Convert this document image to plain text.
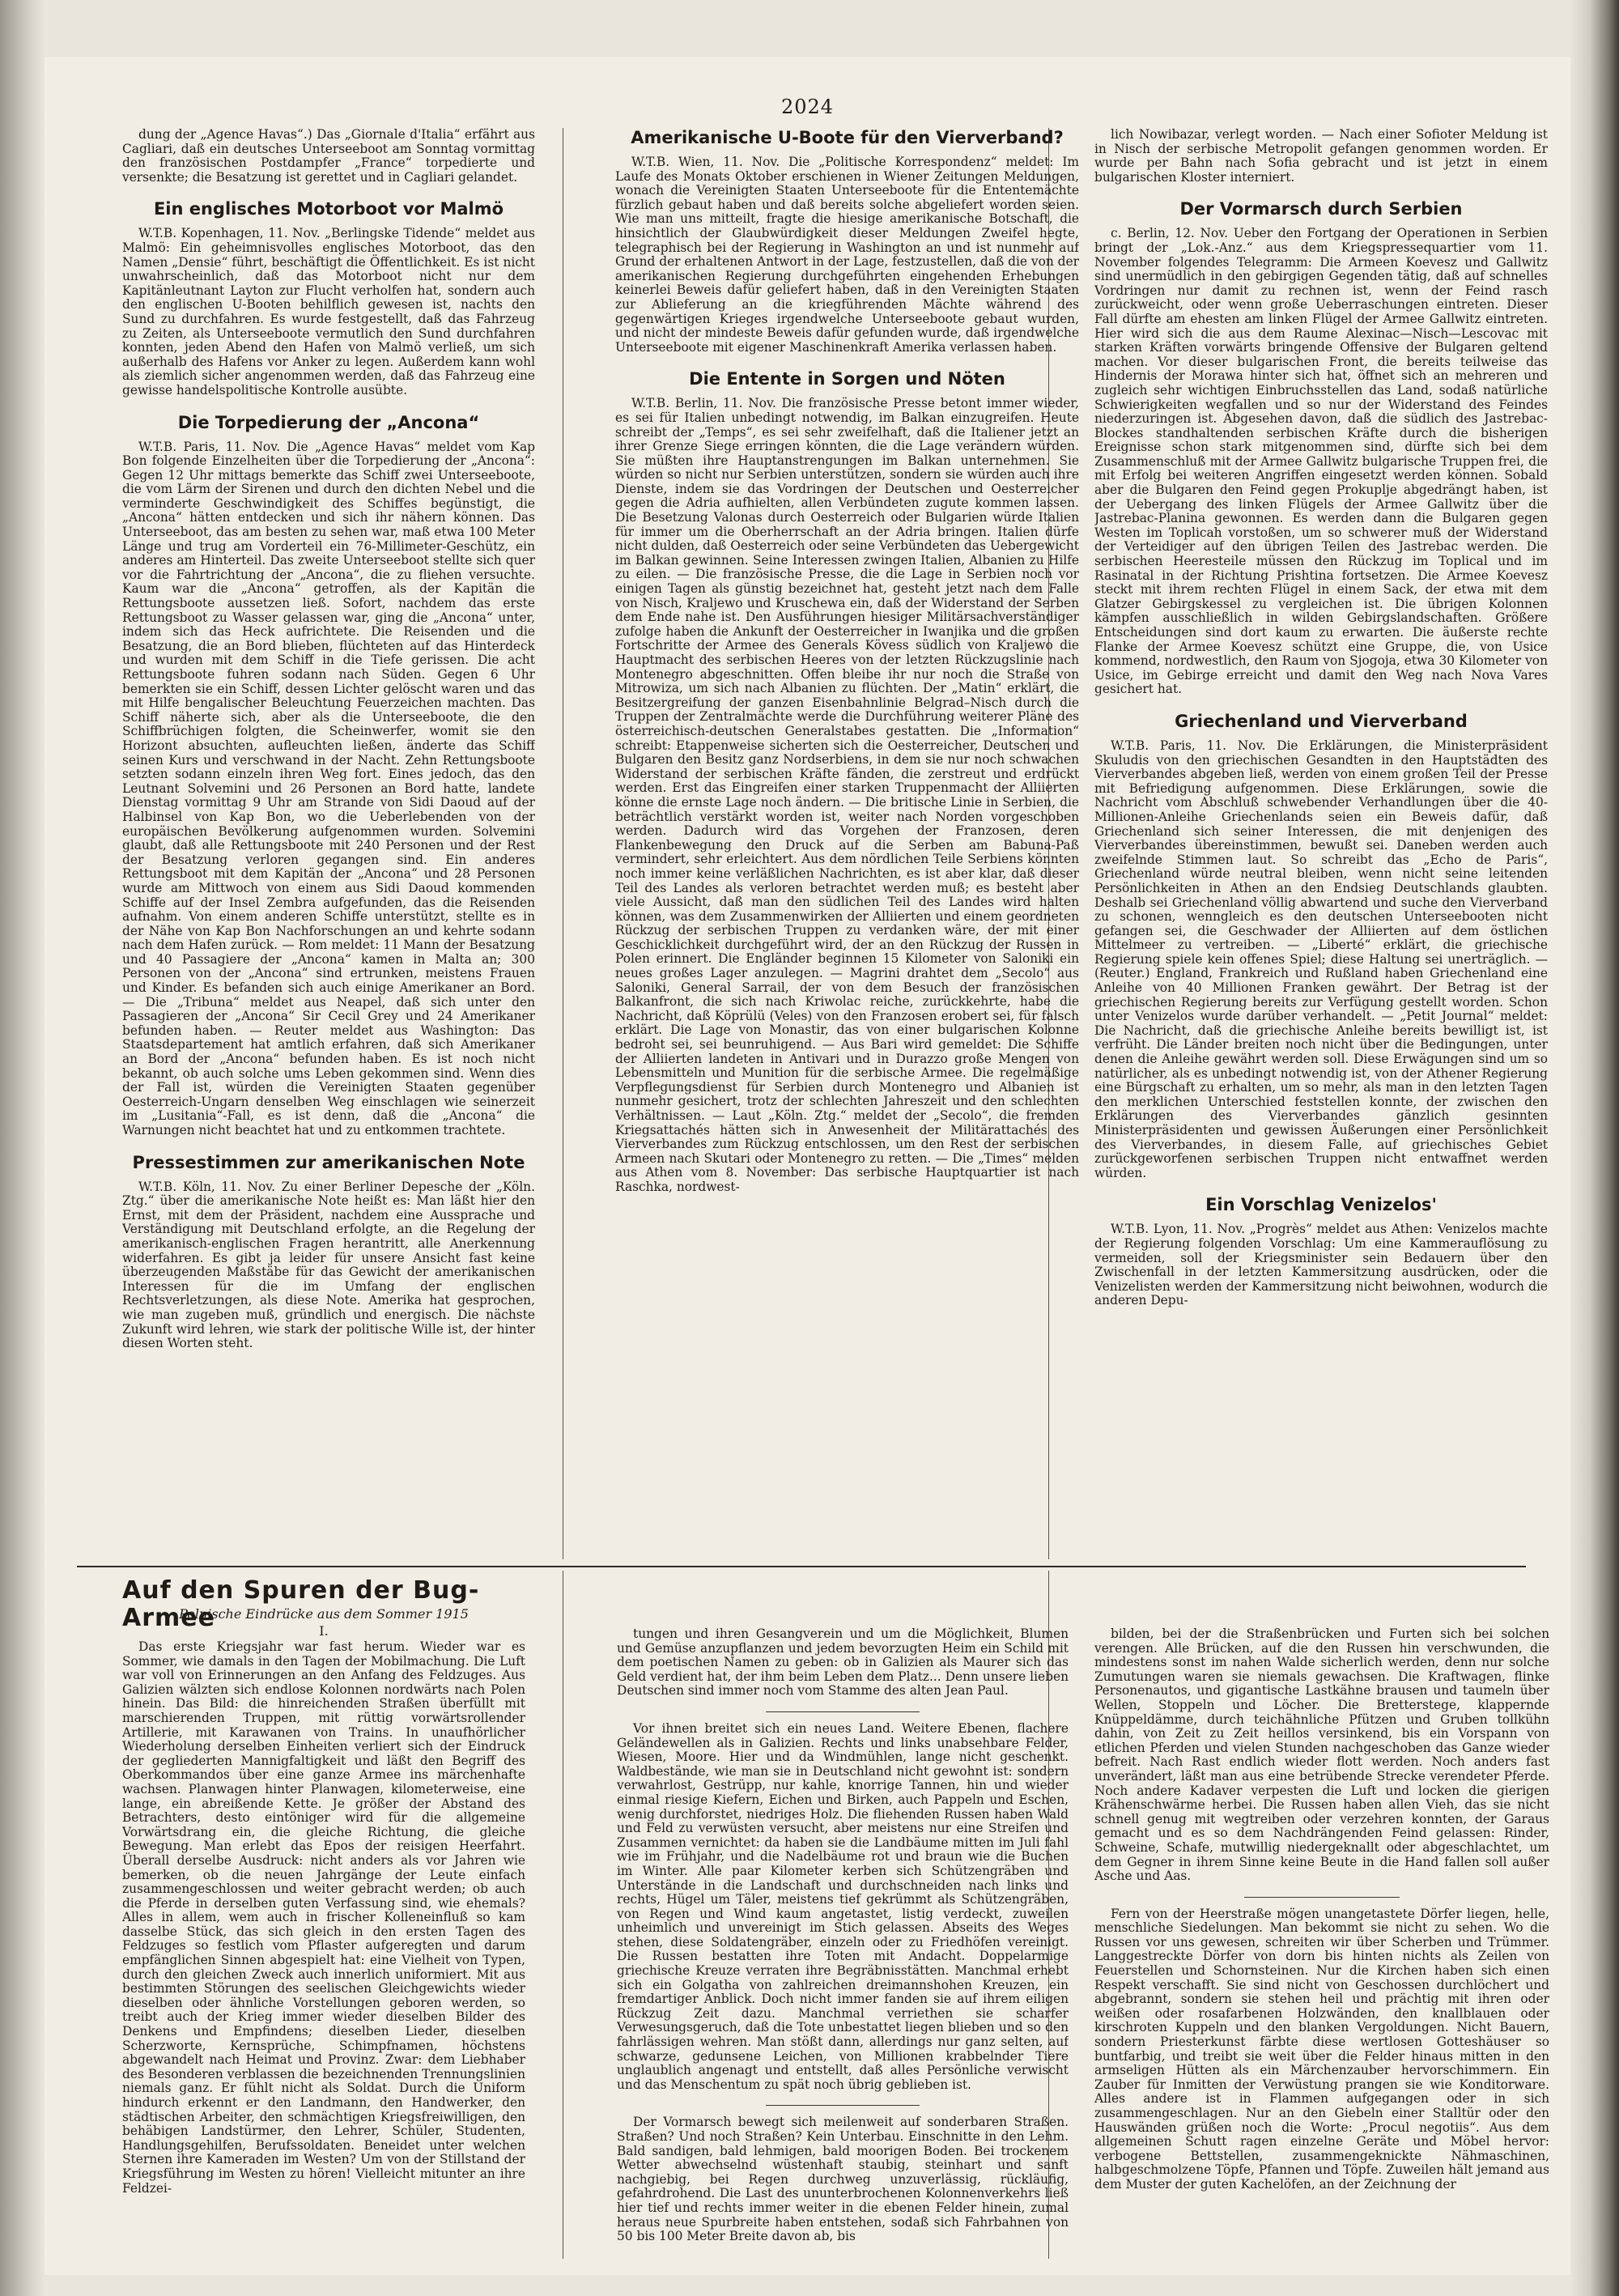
2024

dung der „Agence Havas“.) Das „Giornale d'Italia“ erfährt aus Cagliari, daß ein deutsches Unterseeboot am Sonntag vormittag den französischen Postdampfer „France“ torpedierte und versenkte; die Besatzung ist gerettet und in Cagliari gelandet.

Ein englisches Motorboot vor Malmö

W.T.B. Kopenhagen, 11. Nov. „Berlingske Tidende“ meldet aus Malmö: Ein geheimnisvolles englisches Motorboot, das den Namen „Densie“ führt, beschäftigt die Öffentlichkeit. Es ist nicht unwahrscheinlich, daß das Motorboot nicht nur dem Kapitänleutnant Layton zur Flucht verholfen hat, sondern auch den englischen U-Booten behilflich gewesen ist, nachts den Sund zu durchfahren. Es wurde festgestellt, daß das Fahrzeug zu Zeiten, als Unterseeboote vermutlich den Sund durchfahren konnten, jeden Abend den Hafen von Malmö verließ, um sich außerhalb des Hafens vor Anker zu legen. Außerdem kann wohl als ziemlich sicher angenommen werden, daß das Fahrzeug eine gewisse handelspolitische Kontrolle ausübte.

Die Torpedierung der „Ancona“

W.T.B. Paris, 11. Nov. Die „Agence Havas“ meldet vom Kap Bon folgende Einzelheiten über die Torpedierung der „Ancona“: Gegen 12 Uhr mittags bemerkte das Schiff zwei Unterseeboote, die vom Lärm der Sirenen und durch den dichten Nebel und die verminderte Geschwindigkeit des Schiffes begünstigt, die „Ancona“ hätten entdecken und sich ihr nähern können. Das Unterseeboot, das am besten zu sehen war, maß etwa 100 Meter Länge und trug am Vorderteil ein 76-Millimeter-Geschütz, ein anderes am Hinterteil. Das zweite Unterseeboot stellte sich quer vor die Fahrtrichtung der „Ancona“, die zu fliehen versuchte. Kaum war die „Ancona“ getroffen, als der Kapitän die Rettungsboote aussetzen ließ. Sofort, nachdem das erste Rettungsboot zu Wasser gelassen war, ging die „Ancona“ unter, indem sich das Heck aufrichtete. Die Reisenden und die Besatzung, die an Bord blieben, flüchteten auf das Hinterdeck und wurden mit dem Schiff in die Tiefe gerissen. Die acht Rettungsboote fuhren sodann nach Süden. Gegen 6 Uhr bemerkten sie ein Schiff, dessen Lichter gelöscht waren und das mit Hilfe bengalischer Beleuchtung Feuerzeichen machten. Das Schiff näherte sich, aber als die Unterseeboote, die den Schiffbrüchigen folgten, die Scheinwerfer, womit sie den Horizont absuchten, aufleuchten ließen, änderte das Schiff seinen Kurs und verschwand in der Nacht. Zehn Rettungsboote setzten sodann einzeln ihren Weg fort. Eines jedoch, das den Leutnant Solvemini und 26 Personen an Bord hatte, landete Dienstag vormittag 9 Uhr am Strande von Sidi Daoud auf der Halbinsel von Kap Bon, wo die Ueberlebenden von der europäischen Bevölkerung aufgenommen wurden. Solvemini glaubt, daß alle Rettungsboote mit 240 Personen und der Rest der Besatzung verloren gegangen sind. Ein anderes Rettungsboot mit dem Kapitän der „Ancona“ und 28 Personen wurde am Mittwoch von einem aus Sidi Daoud kommenden Schiffe auf der Insel Zembra aufgefunden, das die Reisenden aufnahm. Von einem anderen Schiffe unterstützt, stellte es in der Nähe von Kap Bon Nachforschungen an und kehrte sodann nach dem Hafen zurück. — Rom meldet: 11 Mann der Besatzung und 40 Passagiere der „Ancona“ kamen in Malta an; 300 Personen von der „Ancona“ sind ertrunken, meistens Frauen und Kinder. Es befanden sich auch einige Amerikaner an Bord. — Die „Tribuna“ meldet aus Neapel, daß sich unter den Passagieren der „Ancona“ Sir Cecil Grey und 24 Amerikaner befunden haben. — Reuter meldet aus Washington: Das Staatsdepartement hat amtlich erfahren, daß sich Amerikaner an Bord der „Ancona“ befunden haben. Es ist noch nicht bekannt, ob auch solche ums Leben gekommen sind. Wenn dies der Fall ist, würden die Vereinigten Staaten gegenüber Oesterreich-Ungarn denselben Weg einschlagen wie seinerzeit im „Lusitania“-Fall, es ist denn, daß die „Ancona“ die Warnungen nicht beachtet hat und zu entkommen trachtete.

Pressestimmen zur amerikanischen Note

W.T.B. Köln, 11. Nov. Zu einer Berliner Depesche der „Köln. Ztg.“ über die amerikanische Note heißt es: Man läßt hier den Ernst, mit dem der Präsident, nachdem eine Aussprache und Verständigung mit Deutschland erfolgte, an die Regelung der amerikanisch-englischen Fragen herantritt, alle Anerkennung widerfahren. Es gibt ja leider für unsere Ansicht fast keine überzeugenden Maßstäbe für das Gewicht der amerikanischen Interessen für die im Umfang der englischen Rechtsverletzungen, als diese Note. Amerika hat gesprochen, wie man zugeben muß, gründlich und energisch. Die nächste Zukunft wird lehren, wie stark der politische Wille ist, der hinter diesen Worten steht.

Amerikanische U-Boote für den Vierverband?

W.T.B. Wien, 11. Nov. Die „Politische Korrespondenz“ meldet: Im Laufe des Monats Oktober erschienen in Wiener Zeitungen Meldungen, wonach die Vereinigten Staaten Unterseeboote für die Ententemächte fürzlich gebaut haben und daß bereits solche abgeliefert worden seien. Wie man uns mitteilt, fragte die hiesige amerikanische Botschaft, die hinsichtlich der Glaubwürdigkeit dieser Meldungen Zweifel hegte, telegraphisch bei der Regierung in Washington an und ist nunmehr auf Grund der erhaltenen Antwort in der Lage, festzustellen, daß die von der amerikanischen Regierung durchgeführten eingehenden Erhebungen keinerlei Beweis dafür geliefert haben, daß in den Vereinigten Staaten zur Ablieferung an die kriegführenden Mächte während des gegenwärtigen Krieges irgendwelche Unterseeboote gebaut wurden, und nicht der mindeste Beweis dafür gefunden wurde, daß irgendwelche Unterseeboote mit eigener Maschinenkraft Amerika verlassen haben.

Die Entente in Sorgen und Nöten

W.T.B. Berlin, 11. Nov. Die französische Presse betont immer wieder, es sei für Italien unbedingt notwendig, im Balkan einzugreifen. Heute schreibt der „Temps“, es sei sehr zweifelhaft, daß die Italiener jetzt an ihrer Grenze Siege erringen könnten, die die Lage verändern würden. Sie müßten ihre Hauptanstrengungen im Balkan unternehmen. Sie würden so nicht nur Serbien unterstützen, sondern sie würden auch ihre Dienste, indem sie das Vordringen der Deutschen und Oesterreicher gegen die Adria aufhielten, allen Verbündeten zugute kommen lassen. Die Besetzung Valonas durch Oesterreich oder Bulgarien würde Italien für immer um die Oberherrschaft an der Adria bringen. Italien dürfe nicht dulden, daß Oesterreich oder seine Verbündeten das Uebergewicht im Balkan gewinnen. Seine Interessen zwingen Italien, Albanien zu Hilfe zu eilen. — Die französische Presse, die die Lage in Serbien noch vor einigen Tagen als günstig bezeichnet hat, gesteht jetzt nach dem Falle von Nisch, Kraljewo und Kruschewa ein, daß der Widerstand der Serben dem Ende nahe ist. Den Ausführungen hiesiger Militärsachverständiger zufolge haben die Ankunft der Oesterreicher in Iwanjika und die großen Fortschritte der Armee des Generals Kövess südlich von Kraljewo die Hauptmacht des serbischen Heeres von der letzten Rückzugslinie nach Montenegro abgeschnitten. Offen bleibe ihr nur noch die Straße von Mitrowiza, um sich nach Albanien zu flüchten. Der „Matin“ erklärt, die Besitzergreifung der ganzen Eisenbahnlinie Belgrad–Nisch durch die Truppen der Zentralmächte werde die Durchführung weiterer Pläne des österreichisch-deutschen Generalstabes gestatten. Die „Information“ schreibt: Etappenweise sicherten sich die Oesterreicher, Deutschen und Bulgaren den Besitz ganz Nordserbiens, in dem sie nur noch schwachen Widerstand der serbischen Kräfte fänden, die zerstreut und erdrückt werden. Erst das Eingreifen einer starken Truppenmacht der Alliierten könne die ernste Lage noch ändern. — Die britische Linie in Serbien, die beträchtlich verstärkt worden ist, weiter nach Norden vorgeschoben werden. Dadurch wird das Vorgehen der Franzosen, deren Flankenbewegung den Druck auf die Serben am Babuna-Paß vermindert, sehr erleichtert. Aus dem nördlichen Teile Serbiens könnten noch immer keine verläßlichen Nachrichten, es ist aber klar, daß dieser Teil des Landes als verloren betrachtet werden muß; es besteht aber viele Aussicht, daß man den südlichen Teil des Landes wird halten können, was dem Zusammenwirken der Alliierten und einem geordneten Rückzug der serbischen Truppen zu verdanken wäre, der mit einer Geschicklichkeit durchgeführt wird, der an den Rückzug der Russen in Polen erinnert. Die Engländer beginnen 15 Kilometer von Saloniki ein neues großes Lager anzulegen. — Magrini drahtet dem „Secolo“ aus Saloniki, General Sarrail, der von dem Besuch der französischen Balkanfront, die sich nach Kriwolac reiche, zurückkehrte, habe die Nachricht, daß Köprülü (Veles) von den Franzosen erobert sei, für falsch erklärt. Die Lage von Monastir, das von einer bulgarischen Kolonne bedroht sei, sei beunruhigend. — Aus Bari wird gemeldet: Die Schiffe der Alliierten landeten in Antivari und in Durazzo große Mengen von Lebensmitteln und Munition für die serbische Armee. Die regelmäßige Verpflegungsdienst für Serbien durch Montenegro und Albanien ist nunmehr gesichert, trotz der schlechten Jahreszeit und den schlechten Verhältnissen. — Laut „Köln. Ztg.“ meldet der „Secolo“, die fremden Kriegsattachés hätten sich in Anwesenheit der Militärattachés des Vierverbandes zum Rückzug entschlossen, um den Rest der serbischen Armeen nach Skutari oder Montenegro zu retten. — Die „Times“ melden aus Athen vom 8. November: Das serbische Hauptquartier ist nach Raschka, nordwest-

lich Nowibazar, verlegt worden. — Nach einer Sofioter Meldung ist in Nisch der serbische Metropolit gefangen genommen worden. Er wurde per Bahn nach Sofia gebracht und ist jetzt in einem bulgarischen Kloster interniert.

Der Vormarsch durch Serbien

c. Berlin, 12. Nov. Ueber den Fortgang der Operationen in Serbien bringt der „Lok.-Anz.“ aus dem Kriegspressequartier vom 11. November folgendes Telegramm: Die Armeen Koevesz und Gallwitz sind unermüdlich in den gebirgigen Gegenden tätig, daß auf schnelles Vordringen nur damit zu rechnen ist, wenn der Feind rasch zurückweicht, oder wenn große Ueberraschungen eintreten. Dieser Fall dürfte am ehesten am linken Flügel der Armee Gallwitz eintreten. Hier wird sich die aus dem Raume Alexinac—Nisch—Lescovac mit starken Kräften vorwärts bringende Offensive der Bulgaren geltend machen. Vor dieser bulgarischen Front, die bereits teilweise das Hindernis der Morawa hinter sich hat, öffnet sich an mehreren und zugleich sehr wichtigen Einbruchsstellen das Land, sodaß natürliche Schwierigkeiten wegfallen und so nur der Widerstand des Feindes niederzuringen ist. Abgesehen davon, daß die südlich des Jastrebac-Blockes standhaltenden serbischen Kräfte durch die bisherigen Ereignisse schon stark mitgenommen sind, dürfte sich bei dem Zusammenschluß mit der Armee Gallwitz bulgarische Truppen frei, die mit Erfolg bei weiteren Angriffen eingesetzt werden können. Sobald aber die Bulgaren den Feind gegen Prokuplje abgedrängt haben, ist der Uebergang des linken Flügels der Armee Gallwitz über die Jastrebac-Planina gewonnen. Es werden dann die Bulgaren gegen Westen im Toplicah vorstoßen, um so schwerer muß der Widerstand der Verteidiger auf den übrigen Teilen des Jastrebac werden. Die serbischen Heeresteile müssen den Rückzug im Toplical und im Rasinatal in der Richtung Prishtina fortsetzen. Die Armee Koevesz steckt mit ihrem rechten Flügel in einem Sack, der etwa mit dem Glatzer Gebirgskessel zu vergleichen ist. Die übrigen Kolonnen kämpfen ausschließlich in wilden Gebirgslandschaften. Größere Entscheidungen sind dort kaum zu erwarten. Die äußerste rechte Flanke der Armee Koevesz schützt eine Gruppe, die, von Usice kommend, nordwestlich, den Raum von Sjogoja, etwa 30 Kilometer von Usice, im Gebirge erreicht und damit den Weg nach Nova Vares gesichert hat.

Griechenland und Vierverband

W.T.B. Paris, 11. Nov. Die Erklärungen, die Ministerpräsident Skuludis von den griechischen Gesandten in den Hauptstädten des Vierverbandes abgeben ließ, werden von einem großen Teil der Presse mit Befriedigung aufgenommen. Diese Erklärungen, sowie die Nachricht vom Abschluß schwebender Verhandlungen über die 40-Millionen-Anleihe Griechenlands seien ein Beweis dafür, daß Griechenland sich seiner Interessen, die mit denjenigen des Vierverbandes übereinstimmen, bewußt sei. Daneben werden auch zweifelnde Stimmen laut. So schreibt das „Echo de Paris“, Griechenland würde neutral bleiben, wenn nicht seine leitenden Persönlichkeiten in Athen an den Endsieg Deutschlands glaubten. Deshalb sei Griechenland völlig abwartend und suche den Vierverband zu schonen, wenngleich es den deutschen Unterseebooten nicht gefangen sei, die Geschwader der Alliierten auf dem östlichen Mittelmeer zu vertreiben. — „Liberté“ erklärt, die griechische Regierung spiele kein offenes Spiel; diese Haltung sei unerträglich. — (Reuter.) England, Frankreich und Rußland haben Griechenland eine Anleihe von 40 Millionen Franken gewährt. Der Betrag ist der griechischen Regierung bereits zur Verfügung gestellt worden. Schon unter Venizelos wurde darüber verhandelt. — „Petit Journal“ meldet: Die Nachricht, daß die griechische Anleihe bereits bewilligt ist, ist verfrüht. Die Länder breiten noch nicht über die Bedingungen, unter denen die Anleihe gewährt werden soll. Diese Erwägungen sind um so natürlicher, als es unbedingt notwendig ist, von der Athener Regierung eine Bürgschaft zu erhalten, um so mehr, als man in den letzten Tagen den merklichen Unterschied feststellen konnte, der zwischen den Erklärungen des Vierverbandes gänzlich gesinnten Ministerpräsidenten und gewissen Äußerungen einer Persönlichkeit des Vierverbandes, in diesem Falle, auf griechisches Gebiet zurückgeworfenen serbischen Truppen nicht entwaffnet werden würden.

Ein Vorschlag Venizelos'

W.T.B. Lyon, 11. Nov. „Progrès“ meldet aus Athen: Venizelos machte der Regierung folgenden Vorschlag: Um eine Kammerauflösung zu vermeiden, soll der Kriegsminister sein Bedauern über den Zwischenfall in der letzten Kammersitzung ausdrücken, oder die Venizelisten werden der Kammersitzung nicht beiwohnen, wodurch die anderen Depu-

Auf den Spuren der Bug-Armee
Polnische Eindrücke aus dem Sommer 1915
I.

Das erste Kriegsjahr war fast herum. Wieder war es Sommer, wie damals in den Tagen der Mobilmachung. Die Luft war voll von Erinnerungen an den Anfang des Feldzuges. Aus Galizien wälzten sich endlose Kolonnen nordwärts nach Polen hinein. Das Bild: die hinreichenden Straßen überfüllt mit marschierenden Truppen, mit rüttig vorwärtsrollender Artillerie, mit Karawanen von Trains. In unaufhörlicher Wiederholung derselben Einheiten verliert sich der Eindruck der gegliederten Mannigfaltigkeit und läßt den Begriff des Oberkommandos über eine ganze Armee ins märchenhafte wachsen. Planwagen hinter Planwagen, kilometerweise, eine lange, ein abreißende Kette. Je größer der Abstand des Betrachters, desto eintöniger wird für die allgemeine Vorwärtsdrang ein, die gleiche Richtung, die gleiche Bewegung. Man erlebt das Epos der reisigen Heerfahrt. Überall derselbe Ausdruck: nicht anders als vor Jahren wie bemerken, ob die neuen Jahrgänge der Leute einfach zusammengeschlossen und weiter gebracht werden; ob auch die Pferde in derselben guten Verfassung sind, wie ehemals? Alles in allem, wem auch in frischer Kolleneinfluß so kam dasselbe Stück, das sich gleich in den ersten Tagen des Feldzuges so festlich vom Pflaster aufgeregten und darum empfänglichen Sinnen abgespielt hat: eine Vielheit von Typen, durch den gleichen Zweck auch innerlich uniformiert. Mit aus bestimmten Störungen des seelischen Gleichgewichts wieder dieselben oder ähnliche Vorstellungen geboren werden, so treibt auch der Krieg immer wieder dieselben Bilder des Denkens und Empfindens; dieselben Lieder, dieselben Scherzworte, Kernsprüche, Schimpfnamen, höchstens abgewandelt nach Heimat und Provinz. Zwar: dem Liebhaber des Besonderen verblassen die bezeichnenden Trennungslinien niemals ganz. Er fühlt nicht als Soldat. Durch die Uniform hindurch erkennt er den Landmann, den Handwerker, den städtischen Arbeiter, den schmächtigen Kriegsfreiwilligen, den behäbigen Landstürmer, den Lehrer, Schüler, Studenten, Handlungsgehilfen, Berufssoldaten. Beneidet unter welchen Sternen ihre Kameraden im Westen? Um von der Stillstand der Kriegsführung im Westen zu hören! Vielleicht mitunter an ihre Feldzei-

tungen und ihren Gesangverein und um die Möglichkeit, Blumen und Gemüse anzupflanzen und jedem bevorzugten Heim ein Schild mit dem poetischen Namen zu geben: ob in Galizien als Maurer sich das Geld verdient hat, der ihm beim Leben dem Platz... Denn unsere lieben Deutschen sind immer noch vom Stamme des alten Jean Paul.

Vor ihnen breitet sich ein neues Land. Weitere Ebenen, flachere Geländewellen als in Galizien. Rechts und links unabsehbare Felder, Wiesen, Moore. Hier und da Windmühlen, lange nicht geschenkt. Waldbestände, wie man sie in Deutschland nicht gewohnt ist: sondern verwahrlost, Gestrüpp, nur kahle, knorrige Tannen, hin und wieder einmal riesige Kiefern, Eichen und Birken, auch Pappeln und Eschen, wenig durchforstet, niedriges Holz. Die fliehenden Russen haben Wald und Feld zu verwüsten versucht, aber meistens nur eine Streifen und Zusammen vernichtet: da haben sie die Landbäume mitten im Juli fahl wie im Frühjahr, und die Nadelbäume rot und braun wie die Buchen im Winter. Alle paar Kilometer kerben sich Schützengräben und Unterstände in die Landschaft und durchschneiden nach links und rechts, Hügel um Täler, meistens tief gekrümmt als Schützengräben, von Regen und Wind kaum angetastet, listig verdeckt, zuweilen unheimlich und unvereinigt im Stich gelassen. Abseits des Weges stehen, diese Soldatengräber, einzeln oder zu Friedhöfen vereinigt. Die Russen bestatten ihre Toten mit Andacht. Doppelarmige griechische Kreuze verraten ihre Begräbnisstätten. Manchmal erhebt sich ein Golgatha von zahlreichen dreimannshohen Kreuzen, ein fremdartiger Anblick. Doch nicht immer fanden sie auf ihrem eiligen Rückzug Zeit dazu. Manchmal verriethen sie scharfer Verwesungsgeruch, daß die Tote unbestattet liegen blieben und so den fahrlässigen wehren. Man stößt dann, allerdings nur ganz selten, auf schwarze, gedunsene Leichen, von Millionen krabbelnder Tiere unglaublich angenagt und entstellt, daß alles Persönliche verwischt und das Menschentum zu spät noch übrig geblieben ist.

Der Vormarsch bewegt sich meilenweit auf sonderbaren Straßen. Straßen? Und noch Straßen? Kein Unterbau. Einschnitte in den Lehm. Bald sandigen, bald lehmigen, bald moorigen Boden. Bei trockenem Wetter abwechselnd wüstenhaft staubig, steinhart und sanft nachgiebig, bei Regen durchweg unzuverlässig, rückläufig, gefahrdrohend. Die Last des ununterbrochenen Kolonnenverkehrs ließ hier tief und rechts immer weiter in die ebenen Felder hinein, zumal heraus neue Spurbreite haben entstehen, sodaß sich Fahrbahnen von 50 bis 100 Meter Breite davon ab, bis

bilden, bei der die Straßenbrücken und Furten sich bei solchen verengen. Alle Brücken, auf die den Russen hin verschwunden, die mindestens sonst im nahen Walde sicherlich werden, denn nur solche Zumutungen waren sie niemals gewachsen. Die Kraftwagen, flinke Personenautos, und gigantische Lastkähne brausen und taumeln über Wellen, Stoppeln und Löcher. Die Bretterstege, klappernde Knüppeldämme, durch teichähnliche Pfützen und Gruben tollkühn dahin, von Zeit zu Zeit heillos versinkend, bis ein Vorspann von etlichen Pferden und vielen Stunden nachgeschoben das Ganze wieder befreit. Nach Rast endlich wieder flott werden. Noch anders fast unverändert, läßt man aus eine betrübende Strecke verendeter Pferde. Noch andere Kadaver verpesten die Luft und locken die gierigen Krähenschwärme herbei. Die Russen haben allen Vieh, das sie nicht schnell genug mit wegtreiben oder verzehren konnten, der Garaus gemacht und es so dem Nachdrängenden Feind gelassen: Rinder, Schweine, Schafe, mutwillig niedergeknallt oder abgeschlachtet, um dem Gegner in ihrem Sinne keine Beute in die Hand fallen soll außer Asche und Aas.

Fern von der Heerstraße mögen unangetastete Dörfer liegen, helle, menschliche Siedelungen. Man bekommt sie nicht zu sehen. Wo die Russen vor uns gewesen, schreiten wir über Scherben und Trümmer. Langgestreckte Dörfer von dorn bis hinten nichts als Zeilen von Feuerstellen und Schornsteinen. Nur die Kirchen haben sich einen Respekt verschafft. Sie sind nicht von Geschossen durchlöchert und abgebrannt, sondern sie stehen heil und prächtig mit ihren oder weißen oder rosafarbenen Holzwänden, den knallblauen oder kirschroten Kuppeln und den blanken Vergoldungen. Nicht Bauern, sondern Priesterkunst färbte diese wertlosen Gotteshäuser so buntfarbig, und treibt sie weit über die Felder hinaus mitten in den armseligen Hütten als ein Märchenzauber hervorschimmern. Ein Zauber für Inmitten der Verwüstung prangen sie wie Konditorware. Alles andere ist in Flammen aufgegangen oder in sich zusammengeschlagen. Nur an den Giebeln einer Stalltür oder den Hauswänden grüßen noch die Worte: „Procul negotiis“. Aus dem allgemeinen Schutt ragen einzelne Geräte und Möbel hervor: verbogene Bettstellen, zusammengeknickte Nähmaschinen, halbgeschmolzene Töpfe, Pfannen und Töpfe. Zuweilen hält jemand aus dem Muster der guten Kachelöfen, an der Zeichnung der
